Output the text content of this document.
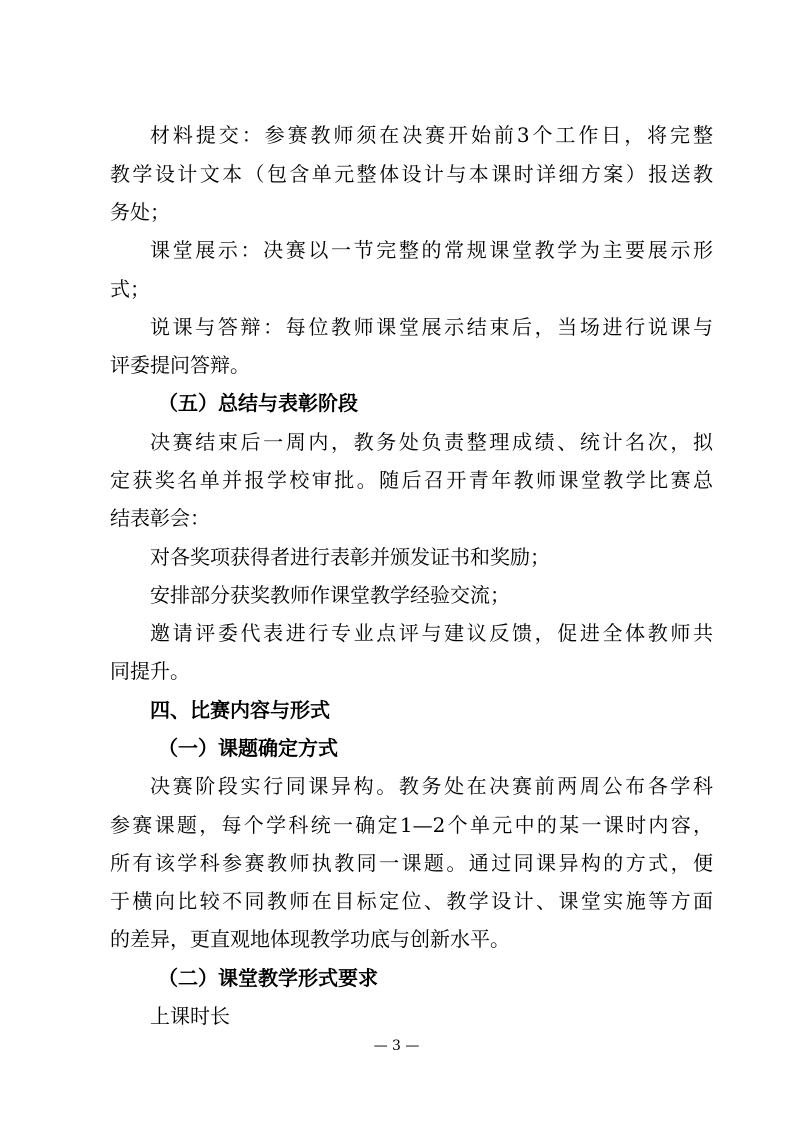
材料提交：参赛教师须在决赛开始前3个工作日，将完整
教学设计文本（包含单元整体设计与本课时详细方案）报送教
务处；
课堂展示：决赛以一节完整的常规课堂教学为主要展示形
式；
说课与答辩：每位教师课堂展示结束后，当场进行说课与
评委提问答辩。
（五）总结与表彰阶段
决赛结束后一周内，教务处负责整理成绩、统计名次，拟
定获奖名单并报学校审批。随后召开青年教师课堂教学比赛总
结表彰会：
对各奖项获得者进行表彰并颁发证书和奖励；
安排部分获奖教师作课堂教学经验交流；
邀请评委代表进行专业点评与建议反馈，促进全体教师共
同提升。
四、比赛内容与形式
（一）课题确定方式
决赛阶段实行同课异构。教务处在决赛前两周公布各学科
参赛课题，每个学科统一确定1—2个单元中的某一课时内容，
所有该学科参赛教师执教同一课题。通过同课异构的方式，便
于横向比较不同教师在目标定位、教学设计、课堂实施等方面
的差异，更直观地体现教学功底与创新水平。
（二）课堂教学形式要求
上课时长
— 3 —
